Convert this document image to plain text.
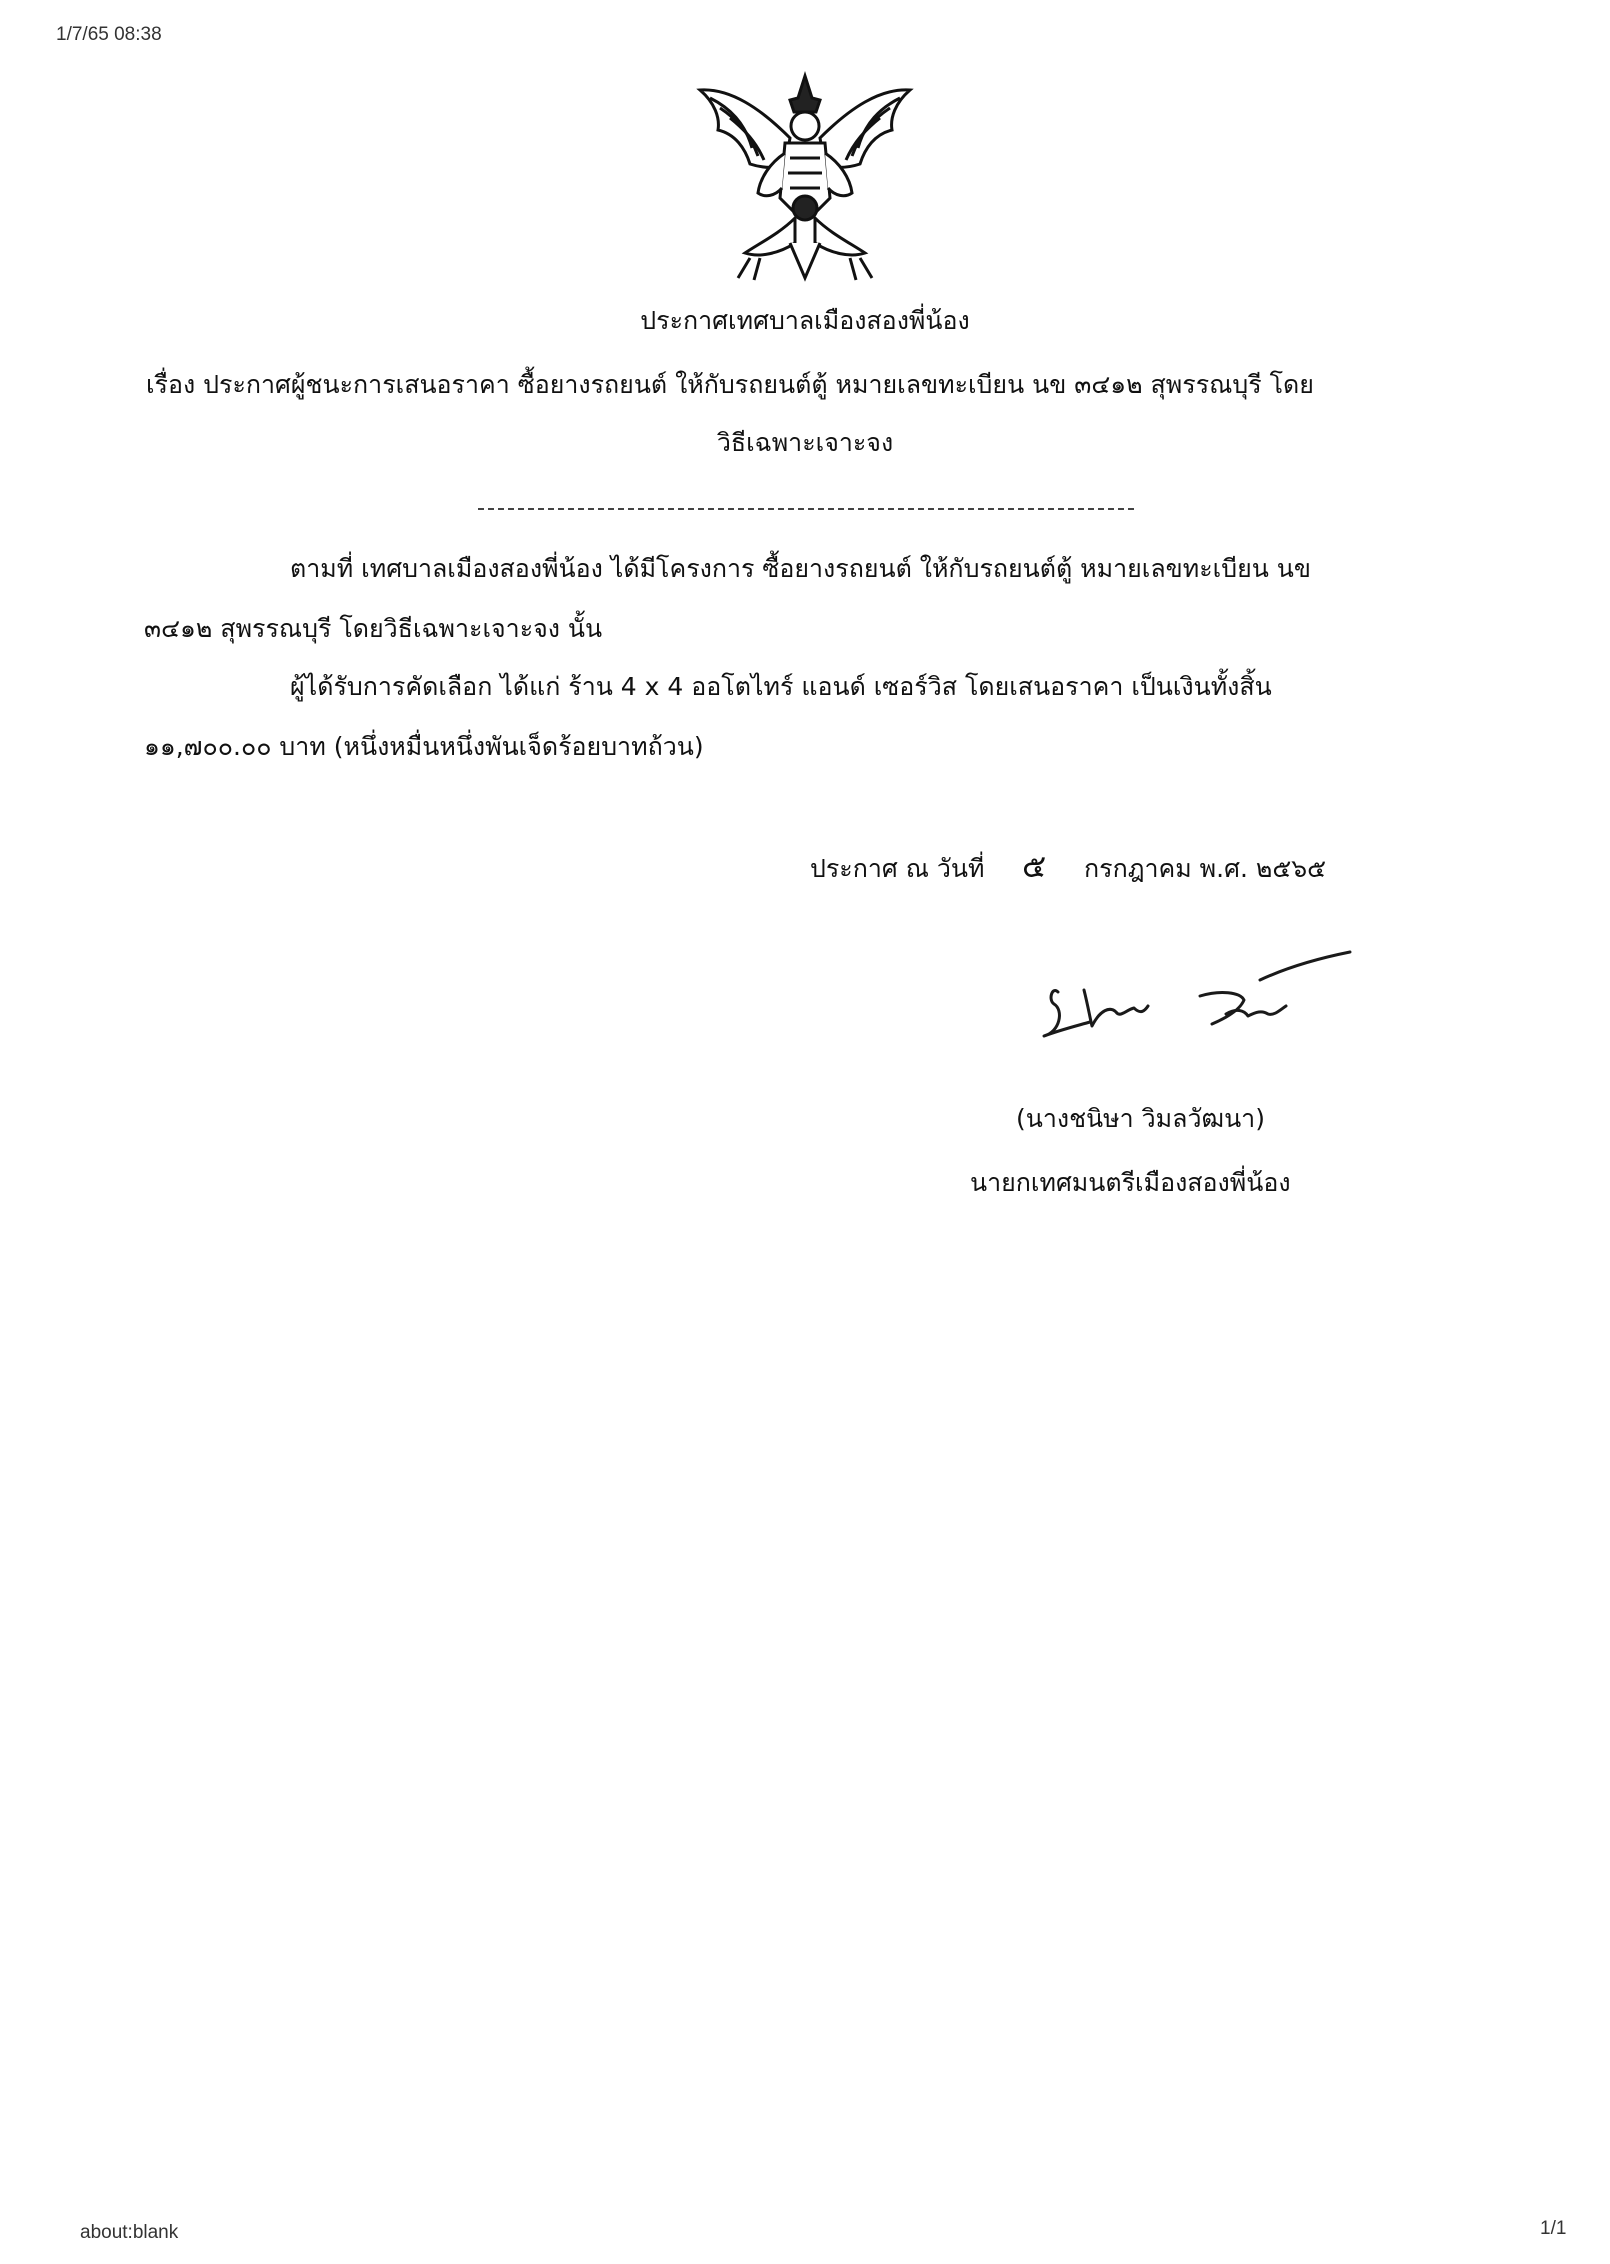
1/7/65 08:38
ประกาศเทศบาลเมืองสองพี่น้อง
เรื่อง ประกาศผู้ชนะการเสนอราคา ซื้อยางรถยนต์ ให้กับรถยนต์ตู้ หมายเลขทะเบียน นข ๓๔๑๒ สุพรรณบุรี โดย
วิธีเฉพาะเจาะจง
ตามที่ เทศบาลเมืองสองพี่น้อง ได้มีโครงการ ซื้อยางรถยนต์ ให้กับรถยนต์ตู้ หมายเลขทะเบียน นข
๓๔๑๒ สุพรรณบุรี โดยวิธีเฉพาะเจาะจง นั้น
ผู้ได้รับการคัดเลือก ได้แก่ ร้าน 4 x 4 ออโตไทร์ แอนด์ เซอร์วิส โดยเสนอราคา เป็นเงินทั้งสิ้น
๑๑,๗๐๐.๐๐ บาท (หนึ่งหมื่นหนึ่งพันเจ็ดร้อยบาทถ้วน)
ประกาศ ณ วันที่ ๕ กรกฎาคม พ.ศ. ๒๕๖๕
(นางชนิษา วิมลวัฒนา)
นายกเทศมนตรีเมืองสองพี่น้อง
about:blank	1/1
